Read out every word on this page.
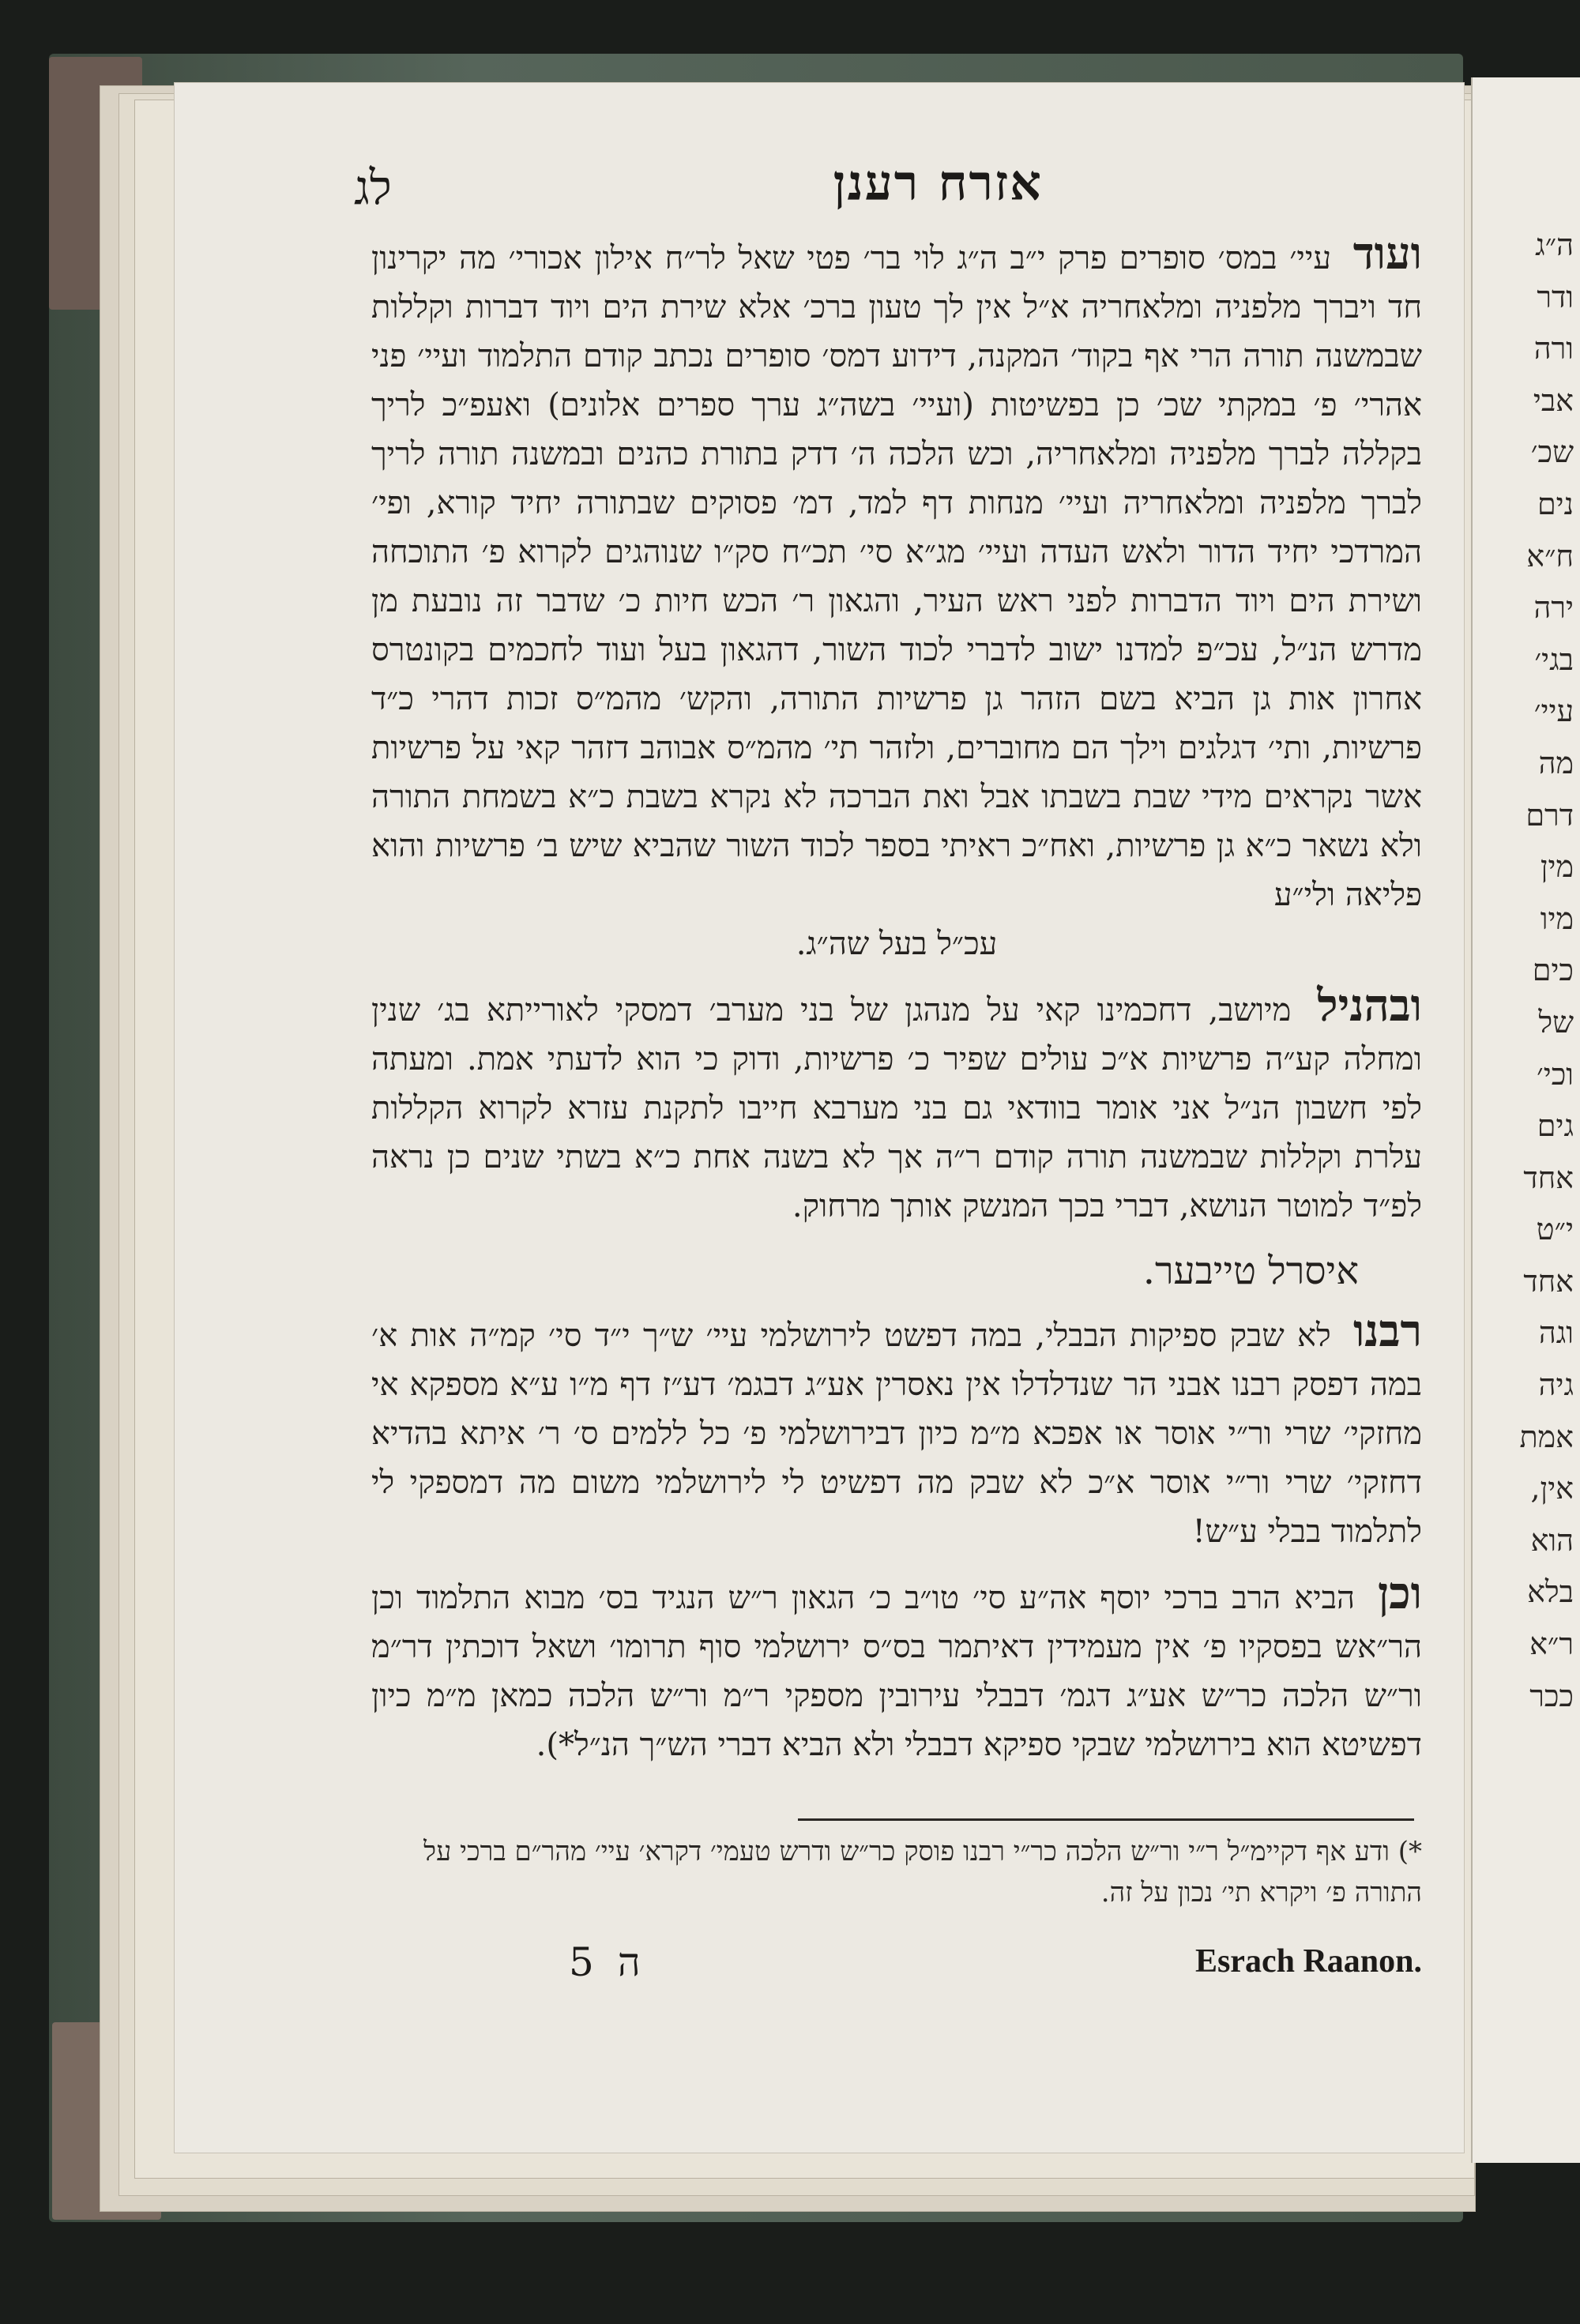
ה״ג
ודר
ורה
אבי
שכ׳
נים
ח״א
ירה
בגי׳
עיי׳
מה
דרם
מין
מיו
כים
של
וכי׳
גים
אחד
י״ט
אחד
וגה
גיה
אמת
אין,
הוא
בלא
ר״א
ככר
אזרח רענן
לג

ועוד עיי׳ במס׳ סופרים פרק י״ב ה״ג לוי בר׳ פטי שאל לר״ח אילון אכורי׳ מה יקרינון חד ויברך מלפניה ומלאחריה א״ל אין לך טעון ברכ׳ אלא שירת הים ויוד דברות וקללות שבמשנה תורה הרי אף בקוד׳ המקנה, דידוע דמס׳ סופרים נכתב קודם התלמוד ועיי׳ פני אהרי׳ פ׳ במקתי שכ׳ כן בפשיטות (ועיי׳ בשה״ג ערך ספרים אלונים) ואעפ״כ לריך בקללה לברך מלפניה ומלאחריה, וכש הלכה ה׳ דדק בתורת כהנים ובמשנה תורה לריך לברך מלפניה ומלאחריה ועיי׳ מנחות דף למד, דמ׳ פסוקים שבתורה יחיד קורא, ופי׳ המרדכי יחיד הדור ולאש העדה ועיי׳ מג״א סי׳ תכ״ח סק״ו שנוהגים לקרוא פ׳ התוכחה ושירת הים ויוד הדברות לפני ראש העיר, והגאון ר׳ הכש חיות כ׳ שדבר זה נובעת מן מדרש הנ״ל, עכ״פ למדנו ישוב לדברי לכוד השור, דהגאון בעל ועוד לחכמים בקונטרס אחרון אות גן הביא בשם הזהר גן פרשיות התורה, והקש׳ מהמ״ס זכות דהרי כ״ד פרשיות, ותי׳ דגלגים וילך הם מחוברים, ולזהר תי׳ מהמ״ס אבוהב דזהר קאי על פרשיות אשר נקראים מידי שבת בשבתו אבל ואת הברכה לא נקרא בשבת כ״א בשמחת התורה ולא נשאר כ״א גן פרשיות, ואח״כ ראיתי בספר לכוד השור שהביא שיש ב׳ פרשיות והוא פליאה ולי״ע
עכ״ל בעל שה״ג.

ובהניל מיושב, דחכמינו קאי על מנהגן של בני מערב׳ דמסקי לאורייתא בג׳ שנין ומחלה קע״ה פרשיות א״כ עולים שפיר כ׳ פרשיות, ודוק כי הוא לדעתי אמת. ומעתה לפי חשבון הנ״ל אני אומר בוודאי גם בני מערבא חייבו לתקנת עזרא לקרוא הקללות עלרת וקללות שבמשנה תורה קודם ר״ה אך לא בשנה אחת כ״א בשתי שנים כן נראה לפ״ד למוטר הנושא, דברי בכך המנשק אותך מרחוק.

איסרל טייבער.

רבנו לא שבק ספיקות הבבלי, במה דפשט לירושלמי עיי׳ ש״ך י״ד סי׳ קמ״ה אות א׳ במה דפסק רבנו אבני הר שנדלדלו אין נאסרין אע״ג דבגמ׳ דע״ז דף מ״ו ע״א מספקא אי מחזקי׳ שרי ור״י אוסר או אפכא מ״מ כיון דבירושלמי פ׳ כל ללמים ס׳ ר׳ איתא בהדיא דחזקי׳ שרי ור״י אוסר א״כ לא שבק מה דפשיט לי לירושלמי משום מה דמספקי לי לתלמוד בבלי ע״ש!

וכן הביא הרב ברכי יוסף אה״ע סי׳ טו״ב כ׳ הגאון ר״ש הנגיד בס׳ מבוא התלמוד וכן הר״אש בפסקיו פ׳ אין מעמידין דאיתמר בס״ס ירושלמי סוף תרומו׳ ושאל דוכתין דר״מ ור״ש הלכה כר״ש אע״ג דגמ׳ דבבלי עירובין מספקי ר״מ ור״ש הלכה כמאן מ״מ כיון דפשיטא הוא בירושלמי שבקי ספיקא דבבלי ולא הביא דברי הש״ך הנ״ל*).

*) ודע אף דקיימ״ל ר״י ור״ש הלכה כר״י רבנו פוסק כר״ש ודרש טעמי׳ דקרא׳ עיי׳ מהר״ם ברכי על התורה פ׳ ויקרא תי׳ נכון על זה.
ה5	Esrach Raanon.
